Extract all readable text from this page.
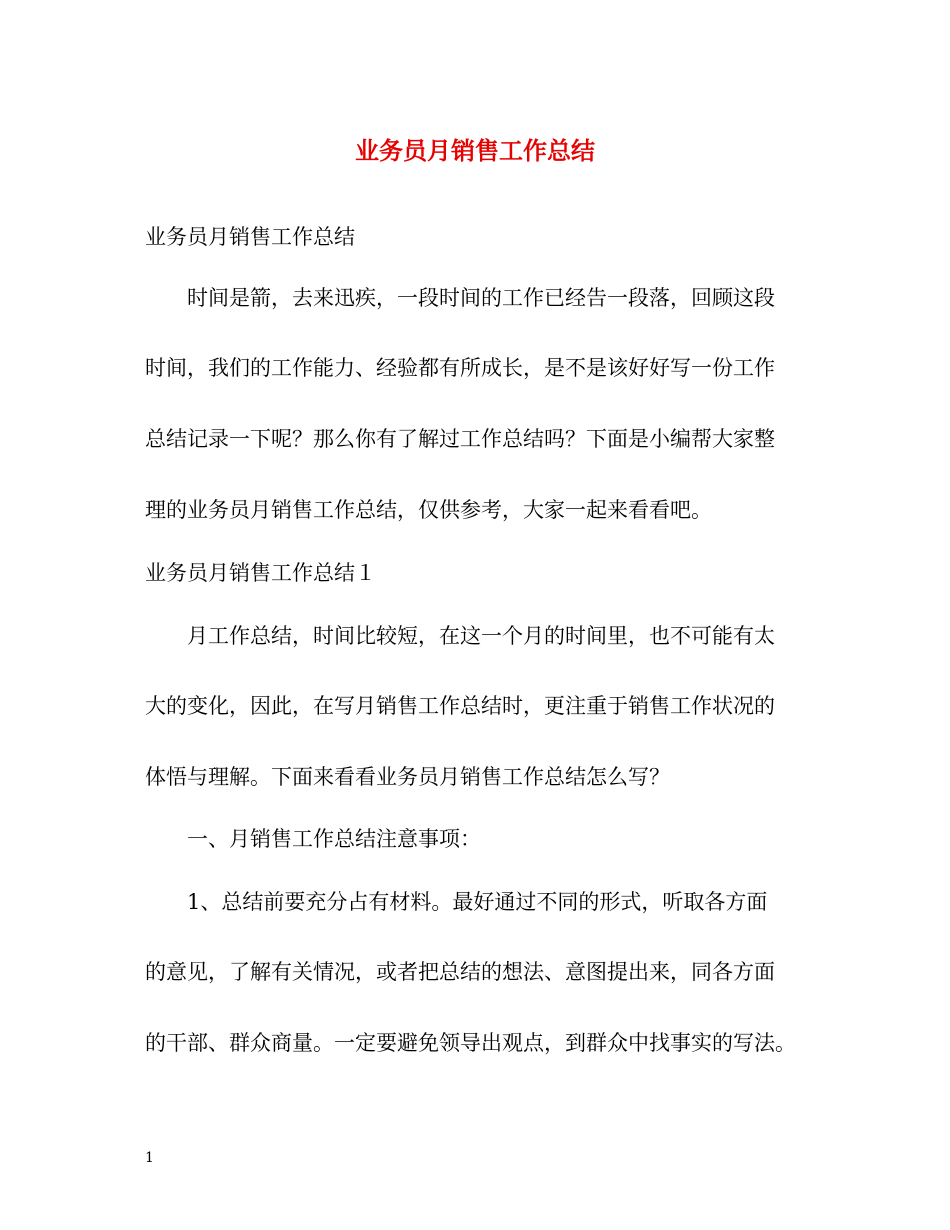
业务员月销售工作总结

业务员月销售工作总结

时间是箭，去来迅疾，一段时间的工作已经告一段落，回顾这段

时间，我们的工作能力、经验都有所成长，是不是该好好写一份工作

总结记录一下呢？那么你有了解过工作总结吗？下面是小编帮大家整

理的业务员月销售工作总结，仅供参考，大家一起来看看吧。

业务员月销售工作总结１

月工作总结，时间比较短，在这一个月的时间里，也不可能有太

大的变化，因此，在写月销售工作总结时，更注重于销售工作状况的

体悟与理解。下面来看看业务员月销售工作总结怎么写？

一、月销售工作总结注意事项：

1、总结前要充分占有材料。最好通过不同的形式，听取各方面

的意见，了解有关情况，或者把总结的想法、意图提出来，同各方面

的干部、群众商量。一定要避免领导出观点，到群众中找事实的写法。

1
